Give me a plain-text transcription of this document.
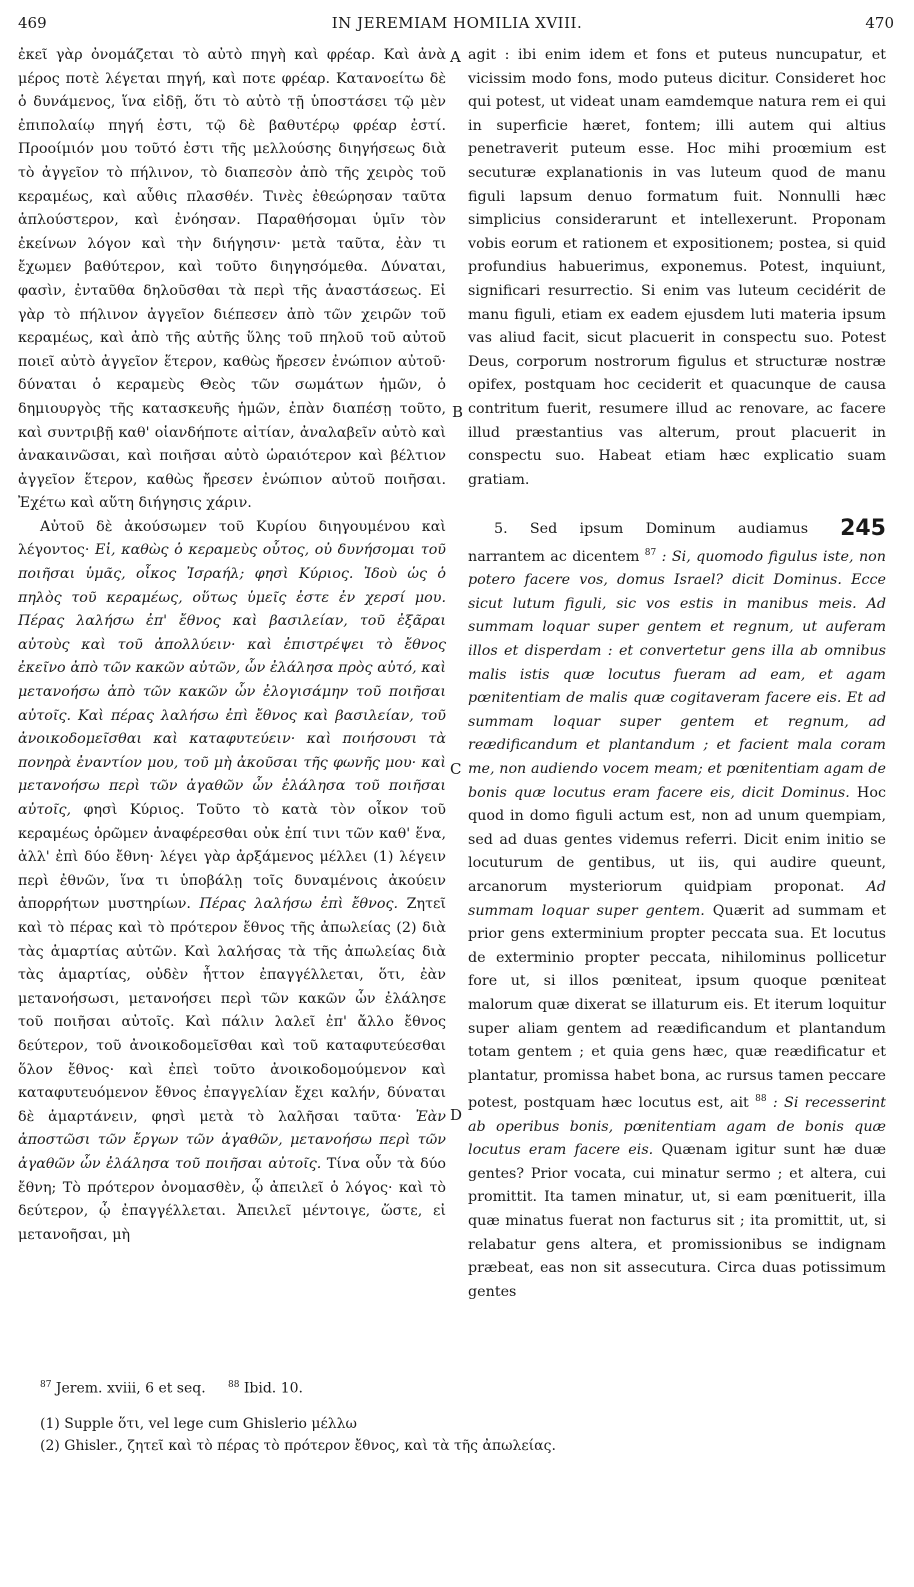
469	IN JEREMIAM HOMILIA XVIII.	470
A
B
C
D

ἐκεῖ γὰρ ὀνομάζεται τὸ αὐτὸ πηγὴ καὶ φρέαρ. Καὶ ἀνὰ μέρος ποτὲ λέγεται πηγή, καὶ ποτε φρέαρ. Κατανοείτω δὲ ὁ δυνάμενος, ἵνα εἰδῇ, ὅτι τὸ αὐτὸ τῇ ὑποστάσει τῷ μὲν ἐπιπολαίῳ πηγή ἐστι, τῷ δὲ βαθυτέρῳ φρέαρ ἐστί. Προοίμιόν μου τοῦτό ἐστι τῆς μελλούσης διηγήσεως διὰ τὸ ἀγγεῖον τὸ πήλινον, τὸ διαπεσὸν ἀπὸ τῆς χειρὸς τοῦ κεραμέως, καὶ αὖθις πλασθέν. Τινὲς ἐθεώρησαν ταῦτα ἁπλούστερον, καὶ ἐνόησαν. Παραθήσομαι ὑμῖν τὸν ἐκείνων λόγον καὶ τὴν διήγησιν· μετὰ ταῦτα, ἐὰν τι ἔχωμεν βαθύτερον, καὶ τοῦτο διηγησόμεθα. Δύναται, φασὶν, ἐνταῦθα δηλοῦσθαι τὰ περὶ τῆς ἀναστάσεως. Εἰ γὰρ τὸ πήλινον ἀγγεῖον διέπεσεν ἀπὸ τῶν χειρῶν τοῦ κεραμέως, καὶ ἀπὸ τῆς αὐτῆς ὕλης τοῦ πηλοῦ τοῦ αὐτοῦ ποιεῖ αὐτὸ ἀγγεῖον ἕτερον, καθὼς ἤρεσεν ἐνώπιον αὐτοῦ· δύναται ὁ κεραμεὺς Θεὸς τῶν σωμάτων ἡμῶν, ὁ δημιουργὸς τῆς κατασκευῆς ἡμῶν, ἐπὰν διαπέσῃ τοῦτο, καὶ συντριβῇ καθ' οἱανδήποτε αἰτίαν, ἀναλαβεῖν αὐτὸ καὶ ἀνακαινῶσαι, καὶ ποιῆσαι αὐτὸ ὡραιότερον καὶ βέλτιον ἀγγεῖον ἕτερον, καθὼς ἤρεσεν ἐνώπιον αὐτοῦ ποιῆσαι. Ἐχέτω καὶ αὕτη διήγησις χάριν.

Αὐτοῦ δὲ ἀκούσωμεν τοῦ Κυρίου διηγουμένου καὶ λέγοντος· Εἰ, καθὼς ὁ κεραμεὺς οὗτος, οὐ δυνήσομαι τοῦ ποιῆσαι ὑμᾶς, οἶκος Ἰσραήλ; φησὶ Κύριος. Ἰδοὺ ὡς ὁ πηλὸς τοῦ κεραμέως, οὕτως ὑμεῖς ἐστε ἐν χερσί μου. Πέρας λαλήσω ἐπ' ἔθνος καὶ βασιλείαν, τοῦ ἐξᾶραι αὐτοὺς καὶ τοῦ ἀπολλύειν· καὶ ἐπιστρέψει τὸ ἔθνος ἐκεῖνο ἀπὸ τῶν κακῶν αὐτῶν, ὧν ἐλάλησα πρὸς αὐτό, καὶ μετανοήσω ἀπὸ τῶν κακῶν ὧν ἐλογισάμην τοῦ ποιῆσαι αὐτοῖς. Καὶ πέρας λαλήσω ἐπὶ ἔθνος καὶ βασιλείαν, τοῦ ἀνοικοδομεῖσθαι καὶ καταφυτεύειν· καὶ ποιήσουσι τὰ πονηρὰ ἐναντίον μου, τοῦ μὴ ἀκοῦσαι τῆς φωνῆς μου· καὶ μετανοήσω περὶ τῶν ἀγαθῶν ὧν ἐλάλησα τοῦ ποιῆσαι αὐτοῖς, φησὶ Κύριος. Τοῦτο τὸ κατὰ τὸν οἶκον τοῦ κεραμέως ὁρῶμεν ἀναφέρεσθαι οὐκ ἐπί τινι τῶν καθ' ἕνα, ἀλλ' ἐπὶ δύο ἔθνη· λέγει γὰρ ἀρξάμενος μέλλει (1) λέγειν περὶ ἐθνῶν, ἵνα τι ὑποβάλῃ τοῖς δυναμένοις ἀκούειν ἀπορρήτων μυστηρίων. Πέρας λαλήσω ἐπὶ ἔθνος. Ζητεῖ καὶ τὸ πέρας καὶ τὸ πρότερον ἔθνος τῆς ἀπωλείας (2) διὰ τὰς ἁμαρτίας αὐτῶν. Καὶ λαλήσας τὰ τῆς ἀπωλείας διὰ τὰς ἁμαρτίας, οὐδὲν ἧττον ἐπαγγέλλεται, ὅτι, ἐὰν μετανοήσωσι, μετανοήσει περὶ τῶν κακῶν ὧν ἐλάλησε τοῦ ποιῆσαι αὐτοῖς. Καὶ πάλιν λαλεῖ ἐπ' ἄλλο ἔθνος δεύτερον, τοῦ ἀνοικοδομεῖσθαι καὶ τοῦ καταφυτεύεσθαι ὅλον ἔθνος· καὶ ἐπεὶ τοῦτο ἀνοικοδομούμενον καὶ καταφυτευόμενον ἔθνος ἐπαγγελίαν ἔχει καλήν, δύναται δὲ ἁμαρτάνειν, φησὶ μετὰ τὸ λαλῆσαι ταῦτα· Ἐὰν ἀποστῶσι τῶν ἔργων τῶν ἀγαθῶν, μετανοήσω περὶ τῶν ἀγαθῶν ὧν ἐλάλησα τοῦ ποιῆσαι αὐτοῖς. Τίνα οὖν τὰ δύο ἔθνη; Τὸ πρότερον ὀνομασθὲν, ᾧ ἀπειλεῖ ὁ λόγος· καὶ τὸ δεύτερον, ᾧ ἐπαγγέλλεται. Ἀπειλεῖ μέντοιγε, ὥστε, εἰ μετανοῆσαι, μὴ

agit : ibi enim idem et fons et puteus nuncupatur, et vicissim modo fons, modo puteus dicitur. Consideret hoc qui potest, ut videat unam eamdemque natura rem ei qui in superficie hæret, fontem; illi autem qui altius penetraverit puteum esse. Hoc mihi proœmium est secuturæ explanationis in vas luteum quod de manu figuli lapsum denuo formatum fuit. Nonnulli hæc simplicius considerarunt et intellexerunt. Proponam vobis eorum et rationem et expositionem; postea, si quid profundius habuerimus, exponemus. Potest, inquiunt, significari resurrectio. Si enim vas luteum cecidérit de manu figuli, etiam ex eadem ejusdem luti materia ipsum vas aliud facit, sicut placuerit in conspectu suo. Potest Deus, corporum nostrorum figulus et structuræ nostræ opifex, postquam hoc ceciderit et quacunque de causa contritum fuerit, resumere illud ac renovare, ac facere illud præstantius vas alterum, prout placuerit in conspectu suo. Habeat etiam hæc explicatio suam gratiam.

245
5. Sed ipsum Dominum audiamus narrantem ac dicentem $^{87}$ : Si, quomodo figulus iste, non potero facere vos, domus Israel? dicit Dominus. Ecce sicut lutum figuli, sic vos estis in manibus meis. Ad summam loquar super gentem et regnum, ut auferam illos et disperdam : et convertetur gens illa ab omnibus malis istis quæ locutus fueram ad eam, et agam pœnitentiam de malis quæ cogitaveram facere eis. Et ad summam loquar super gentem et regnum, ad reædificandum et plantandum ; et facient mala coram me, non audiendo vocem meam; et pœnitentiam agam de bonis quæ locutus eram facere eis, dicit Dominus. Hoc quod in domo figuli actum est, non ad unum quempiam, sed ad duas gentes videmus referri. Dicit enim initio se locuturum de gentibus, ut iis, qui audire queunt, arcanorum mysteriorum quidpiam proponat. Ad summam loquar super gentem. Quærit ad summam et prior gens exterminium propter peccata sua. Et locutus de exterminio propter peccata, nihilominus pollicetur fore ut, si illos pœniteat, ipsum quoque pœniteat malorum quæ dixerat se illaturum eis. Et iterum loquitur super aliam gentem ad reædificandum et plantandum totam gentem ; et quia gens hæc, quæ reædificatur et plantatur, promissa habet bona, ac rursus tamen peccare potest, postquam hæc locutus est, ait $^{88}$ : Si recesserint ab operibus bonis, pœnitentiam agam de bonis quæ locutus eram facere eis. Quænam igitur sunt hæ duæ gentes? Prior vocata, cui minatur sermo ; et altera, cui promittit. Ita tamen minatur, ut, si eam pœnituerit, illa quæ minatus fuerat non facturus sit ; ita promittit, ut, si relabatur gens altera, et promissionibus se indignam præbeat, eas non sit assecutura. Circa duas potissimum gentes

$^{87}$ Jerem. xviii, 6 et seq. $^{88}$ Ibid. 10.
(1) Supple ὅτι, vel lege cum Ghislerio μέλλω
(2) Ghisler., ζητεῖ καὶ τὸ πέρας τὸ πρότερον ἔθνος, καὶ τὰ τῆς ἀπωλείας.
